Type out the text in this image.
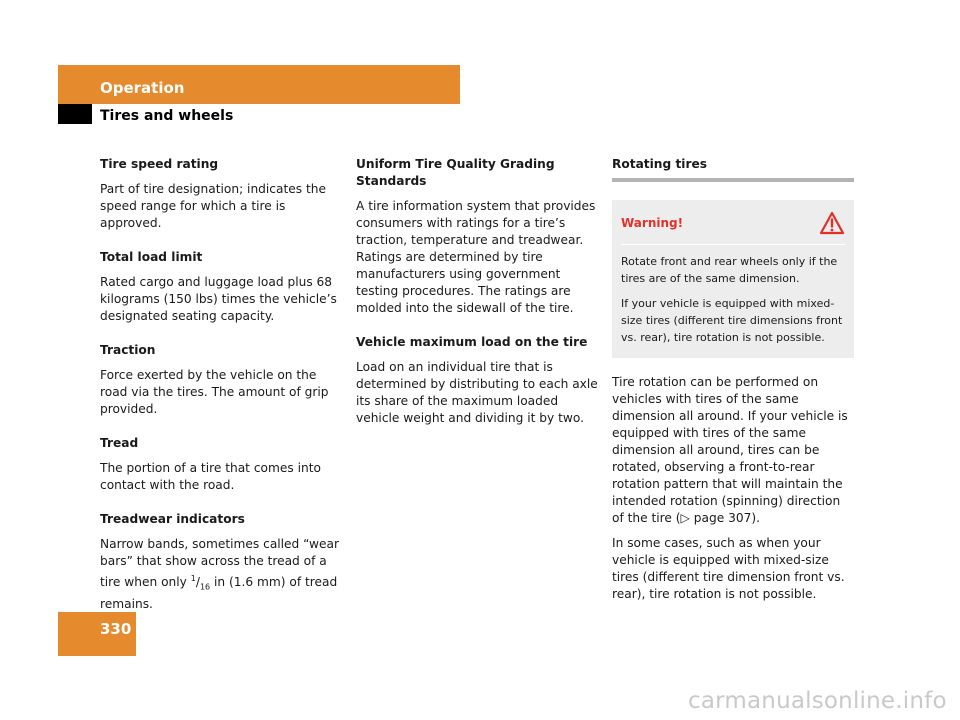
Operation
Tires and wheels

Tire speed rating

Part of tire designation; indicates the speed range for which a tire is approved.

Total load limit

Rated cargo and luggage load plus 68 kilograms (150 lbs) times the vehicle’s designated seating capacity.

Traction

Force exerted by the vehicle on the road via the tires. The amount of grip provided.

Tread

The portion of a tire that comes into contact with the road.

Treadwear indicators

Narrow bands, sometimes called “wear bars” that show across the tread of a tire when only $^1/_{16}$ in (1.6 mm) of tread remains.

Uniform Tire Quality Grading Standards

A tire information system that provides consumers with ratings for a tire’s traction, temperature and treadwear. Ratings are determined by tire manufacturers using government testing procedures. The ratings are molded into the sidewall of the tire.

Vehicle maximum load on the tire

Load on an individual tire that is determined by distributing to each axle its share of the maximum loaded vehicle weight and dividing it by two.

Rotating tires

Warning!

Rotate front and rear wheels only if the tires are of the same dimension.

If your vehicle is equipped with mixed-size tires (different tire dimensions front vs. rear), tire rotation is not possible.

Tire rotation can be performed on vehicles with tires of the same dimension all around. If your vehicle is equipped with tires of the same dimension all around, tires can be rotated, observing a front-to-rear rotation pattern that will maintain the intended rotation (spinning) direction of the tire (▷ page 307).

In some cases, such as when your vehicle is equipped with mixed-size tires (different tire dimension front vs. rear), tire rotation is not possible.

330
carmanualsonline.info
